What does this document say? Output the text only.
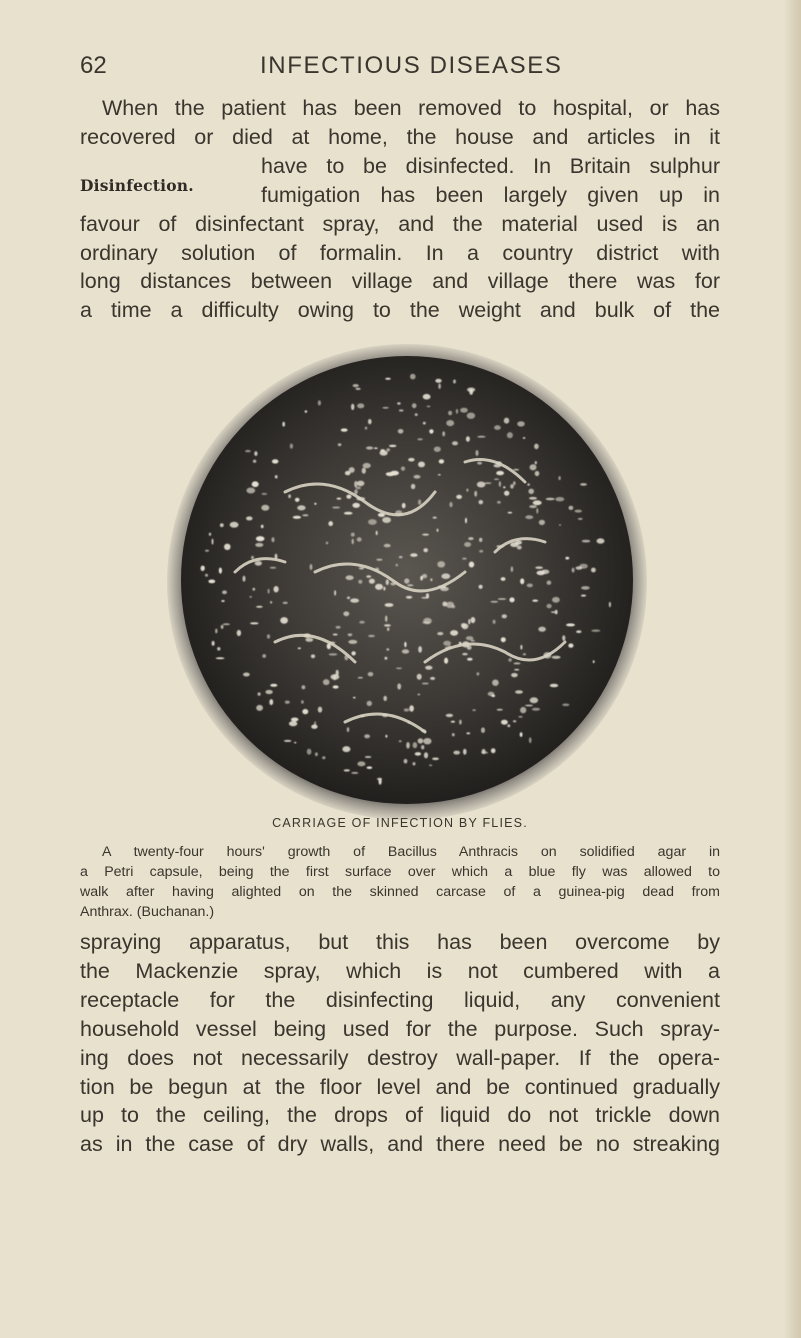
62	INFECTIOUS DISEASES
Disinfection.
When the patient has been removed to hospital, or has
recovered or died at home, the house and articles in it
have to be disinfected. In Britain sulphur
fumigation has been largely given up in
favour of disinfectant spray, and the material used is an
ordinary solution of formalin. In a country district with
long distances between village and village there was for
a time a difficulty owing to the weight and bulk of the
CARRIAGE OF INFECTION BY FLIES.
A twenty-four hours' growth of Bacillus Anthracis on solidified agar in
a Petri capsule, being the first surface over which a blue fly was allowed to
walk after having alighted on the skinned carcase of a guinea-pig dead from
Anthrax. (Buchanan.)
spraying apparatus, but this has been overcome by
the Mackenzie spray, which is not cumbered with a
receptacle for the disinfecting liquid, any convenient
household vessel being used for the purpose. Such spray-
ing does not necessarily destroy wall-paper. If the opera-
tion be begun at the floor level and be continued gradually
up to the ceiling, the drops of liquid do not trickle down
as in the case of dry walls, and there need be no streaking
